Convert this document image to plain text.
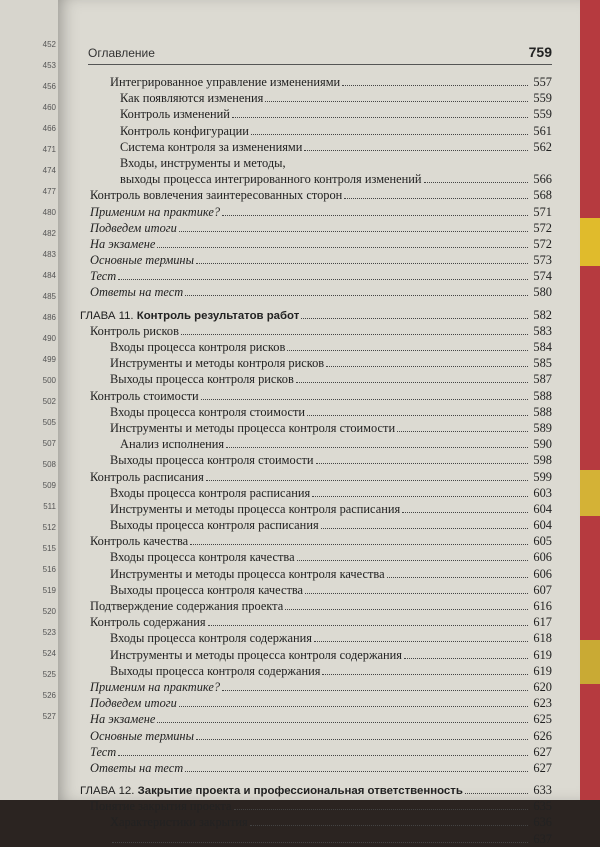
452
453
456
460
466
471
474
477
480
482
483
484
485
486
490
499
500
502
505
507
508
509
511
512
515
516
519
520
523
524
525
526
527
Оглавление	759
Интегрированное управление изменениями	557
Как появляются изменения	559
Контроль изменений	559
Контроль конфигурации	561
Система контроля за изменениями	562
Входы, инструменты и методы,
выходы процесса интегрированного контроля изменений	566
Контроль вовлечения заинтересованных сторон	568
Применим на практике?	571
Подведем итоги	572
На экзамене	572
Основные термины	573
Тест	574
Ответы на тест	580
ГЛАВА 11. Контроль результатов работ	582
Контроль рисков	583
Входы процесса контроля рисков	584
Инструменты и методы контроля рисков	585
Выходы процесса контроля рисков	587
Контроль стоимости	588
Входы процесса контроля стоимости	588
Инструменты и методы процесса контроля стоимости	589
Анализ исполнения	590
Выходы процесса контроля стоимости	598
Контроль расписания	599
Входы процесса контроля расписания	603
Инструменты и методы процесса контроля расписания	604
Выходы процесса контроля расписания	604
Контроль качества	605
Входы процесса контроля качества	606
Инструменты и методы процесса контроля качества	606
Выходы процесса контроля качества	607
Подтверждение содержания проекта	616
Контроль содержания	617
Входы процесса контроля содержания	618
Инструменты и методы процесса контроля содержания	619
Выходы процесса контроля содержания	619
Применим на практике?	620
Подведем итоги	623
На экзамене	625
Основные термины	626
Тест	627
Ответы на тест	627
ГЛАВА 12. Закрытие проекта и профессиональная ответственность	633
Понятие закрытия проекта	635
Характеристики закрытия	636
637
